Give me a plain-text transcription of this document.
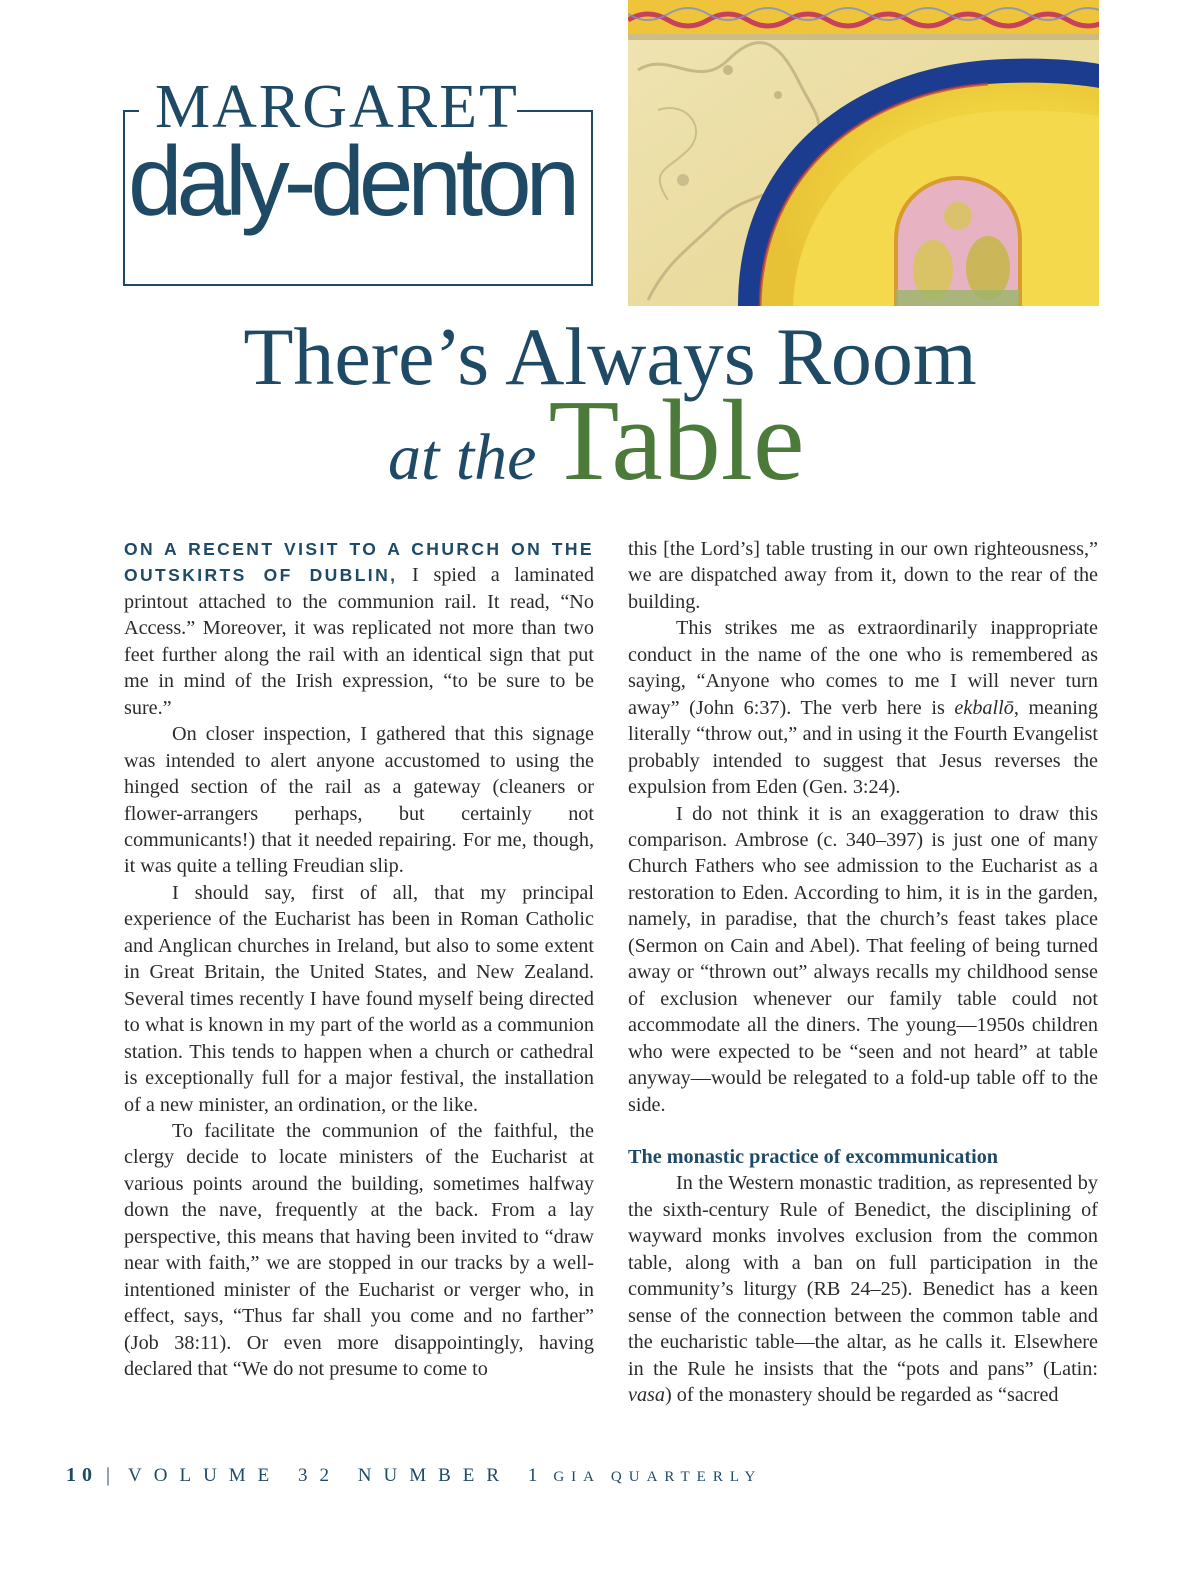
MARGARET
daly-denton
There’s Always Room
at the Table

ON A RECENT VISIT TO A CHURCH ON THE OUTSKIRTS OF DUBLIN, I spied a laminated printout attached to the communion rail. It read, “No Access.” Moreover, it was replicated not more than two feet further along the rail with an identical sign that put me in mind of the Irish expression, “to be sure to be sure.”

On closer inspection, I gathered that this signage was intended to alert anyone accustomed to using the hinged section of the rail as a gateway (cleaners or flower-arrangers perhaps, but certainly not communicants!) that it needed repairing. For me, though, it was quite a telling Freudian slip.

I should say, first of all, that my principal experience of the Eucharist has been in Roman Catholic and Anglican churches in Ireland, but also to some extent in Great Britain, the United States, and New Zealand. Several times recently I have found myself being directed to what is known in my part of the world as a communion station. This tends to happen when a church or cathedral is exceptionally full for a major festival, the installation of a new minister, an ordination, or the like.

To facilitate the communion of the faithful, the clergy decide to locate ministers of the Eucharist at various points around the building, sometimes halfway down the nave, frequently at the back. From a lay perspective, this means that having been invited to “draw near with faith,” we are stopped in our tracks by a well-intentioned minister of the Eucharist or verger who, in effect, says, “Thus far shall you come and no farther” (Job 38:11). Or even more disappointingly, having declared that “We do not presume to come to

this [the Lord’s] table trusting in our own righteousness,” we are dispatched away from it, down to the rear of the building.

This strikes me as extraordinarily inappropriate conduct in the name of the one who is remembered as saying, “Anyone who comes to me I will never turn away” (John 6:37). The verb here is ekballō, meaning literally “throw out,” and in using it the Fourth Evangelist probably intended to suggest that Jesus reverses the expulsion from Eden (Gen. 3:24).

I do not think it is an exaggeration to draw this comparison. Ambrose (c. 340–397) is just one of many Church Fathers who see admission to the Eucharist as a restoration to Eden. According to him, it is in the garden, namely, in paradise, that the church’s feast takes place (Sermon on Cain and Abel). That feeling of being turned away or “thrown out” always recalls my childhood sense of exclusion whenever our family table could not accommodate all the diners. The young—1950s children who were expected to be “seen and not heard” at table anyway—would be relegated to a fold-up table off to the side.

The monastic practice of excommunication

In the Western monastic tradition, as represented by the sixth-century Rule of Benedict, the disciplining of wayward monks involves exclusion from the common table, along with a ban on full participation in the community’s liturgy (RB 24–25). Benedict has a keen sense of the connection between the common table and the eucharistic table—the altar, as he calls it. Elsewhere in the Rule he insists that the “pots and pans” (Latin: vasa) of the monastery should be regarded as “sacred

10 | VOLUME 32 NUMBER 1 GIA QUARTERLY
